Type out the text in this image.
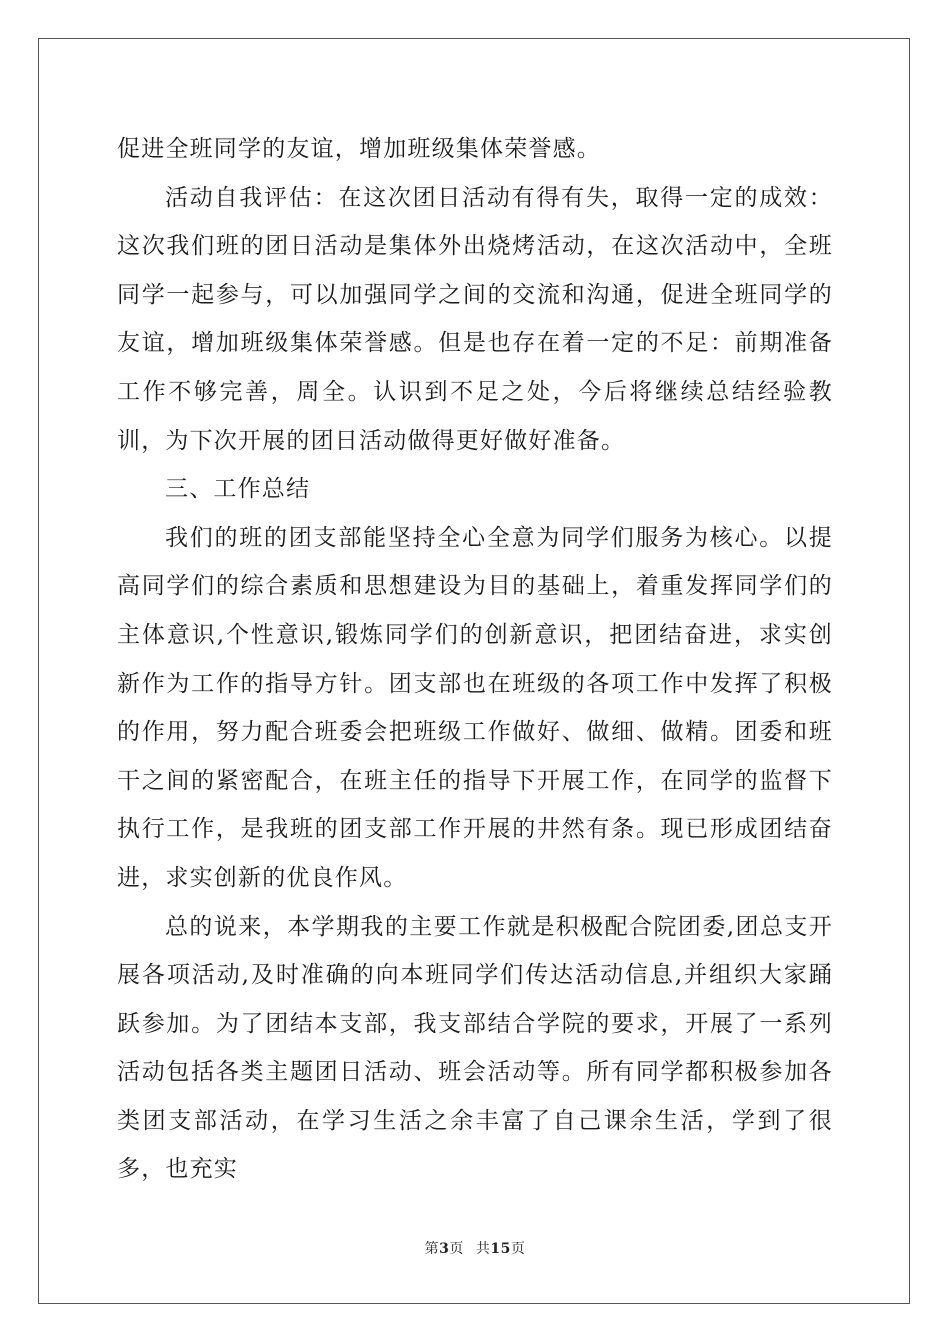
促进全班同学的友谊，增加班级集体荣誉感。

活动自我评估：在这次团日活动有得有失，取得一定的成效：这次我们班的团日活动是集体外出烧烤活动，在这次活动中，全班同学一起参与，可以加强同学之间的交流和沟通，促进全班同学的友谊，增加班级集体荣誉感。但是也存在着一定的不足：前期准备工作不够完善，周全。认识到不足之处，今后将继续总结经验教训，为下次开展的团日活动做得更好做好准备。

三、工作总结

我们的班的团支部能坚持全心全意为同学们服务为核心。以提高同学们的综合素质和思想建设为目的基础上，着重发挥同学们的主体意识,个性意识,锻炼同学们的创新意识，把团结奋进，求实创新作为工作的指导方针。团支部也在班级的各项工作中发挥了积极的作用，努力配合班委会把班级工作做好、做细、做精。团委和班干之间的紧密配合，在班主任的指导下开展工作，在同学的监督下执行工作，是我班的团支部工作开展的井然有条。现已形成团结奋进，求实创新的优良作风。

总的说来，本学期我的主要工作就是积极配合院团委,团总支开展各项活动,及时准确的向本班同学们传达活动信息,并组织大家踊跃参加。为了团结本支部，我支部结合学院的要求，开展了一系列活动包括各类主题团日活动、班会活动等。所有同学都积极参加各类团支部活动，在学习生活之余丰富了自己课余生活，学到了很多，也充实

第3页 共15页
